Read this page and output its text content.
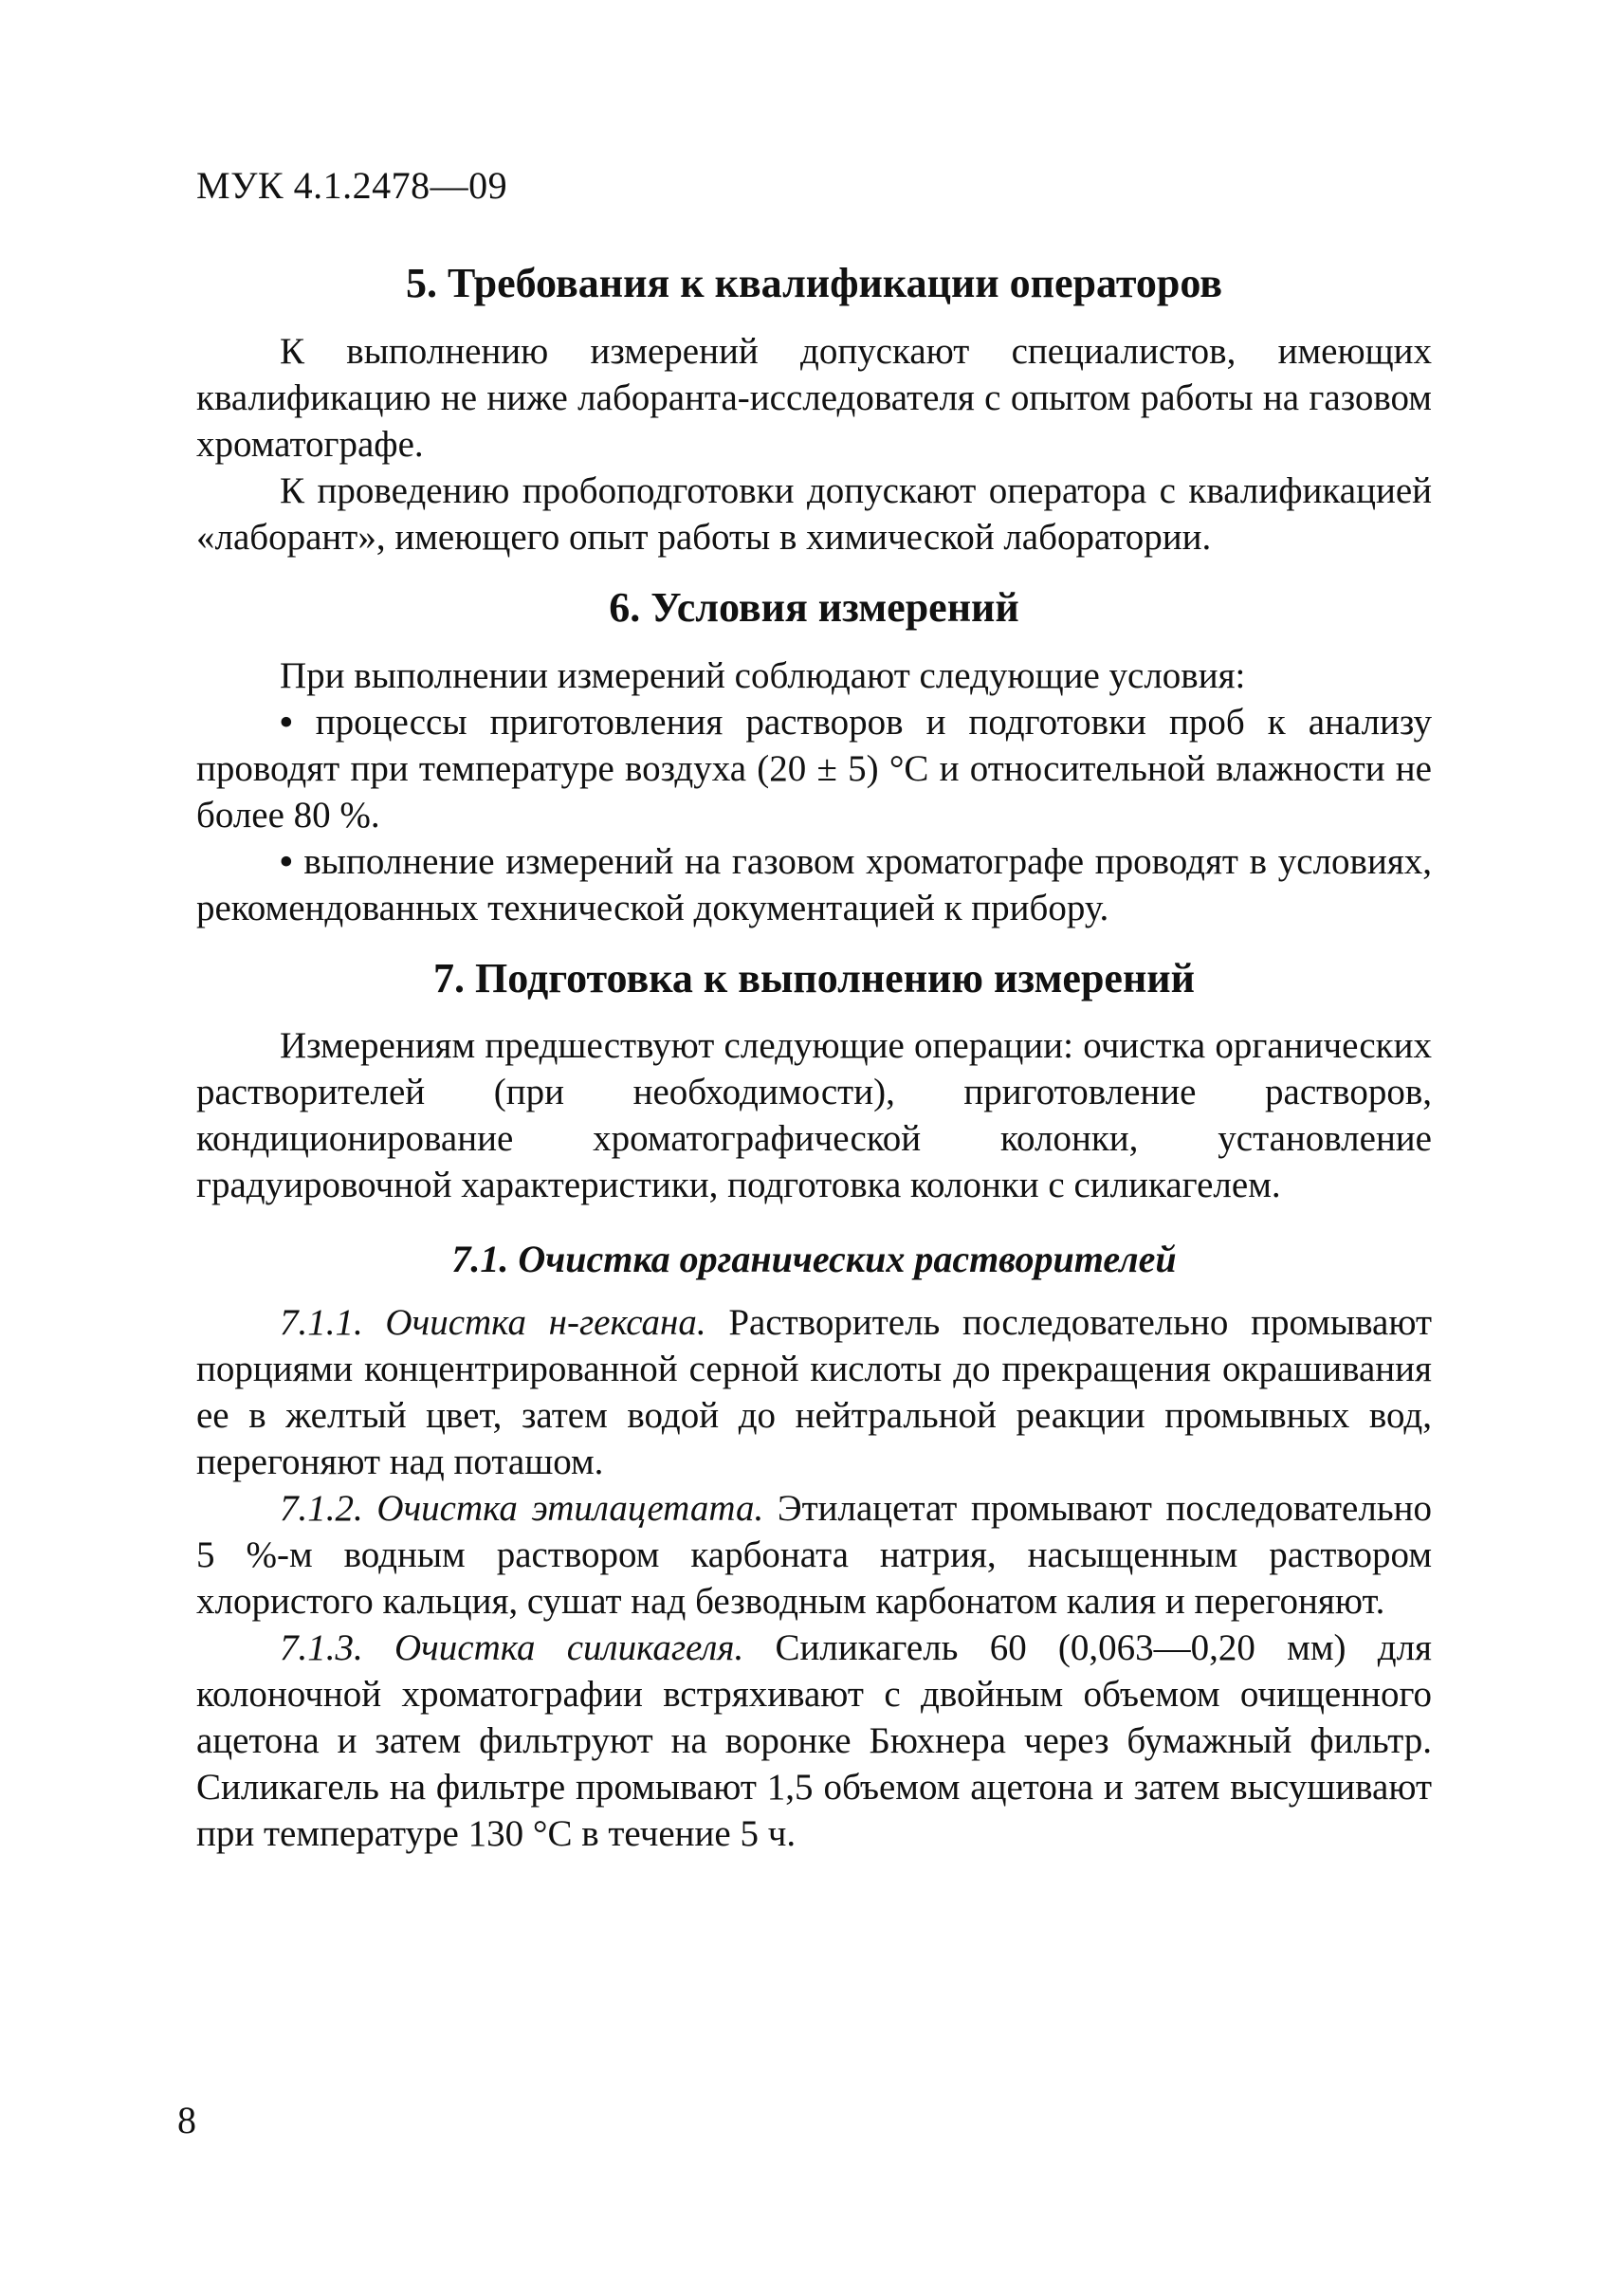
МУК 4.1.2478—09
5. Требования к квалификации операторов

К выполнению измерений допускают специалистов, имеющих квалификацию не ниже лаборанта-исследователя с опытом работы на газовом хроматографе.

К проведению пробоподготовки допускают оператора с квалификацией «лаборант», имеющего опыт работы в химической лаборатории.

6. Условия измерений

При выполнении измерений соблюдают следующие условия:

• процессы приготовления растворов и подготовки проб к анализу проводят при температуре воздуха (20 ± 5) °С и относительной влажности не более 80 %.

• выполнение измерений на газовом хроматографе проводят в условиях, рекомендованных технической документацией к прибору.

7. Подготовка к выполнению измерений

Измерениям предшествуют следующие операции: очистка органических растворителей (при необходимости), приготовление растворов, кондиционирование хроматографической колонки, установление градуировочной характеристики, подготовка колонки с силикагелем.

7.1. Очистка органических растворителей

7.1.1. Очистка н-гексана. Растворитель последовательно промывают порциями концентрированной серной кислоты до прекращения окрашивания ее в желтый цвет, затем водой до нейтральной реакции промывных вод, перегоняют над поташом.

7.1.2. Очистка этилацетата. Этилацетат промывают последовательно 5 %-м водным раствором карбоната натрия, насыщенным раствором хлористого кальция, сушат над безводным карбонатом калия и перегоняют.

7.1.3. Очистка силикагеля. Силикагель 60 (0,063—0,20 мм) для колоночной хроматографии встряхивают с двойным объемом очищенного ацетона и затем фильтруют на воронке Бюхнера через бумажный фильтр. Силикагель на фильтре промывают 1,5 объемом ацетона и затем высушивают при температуре 130 °С в течение 5 ч.

8
